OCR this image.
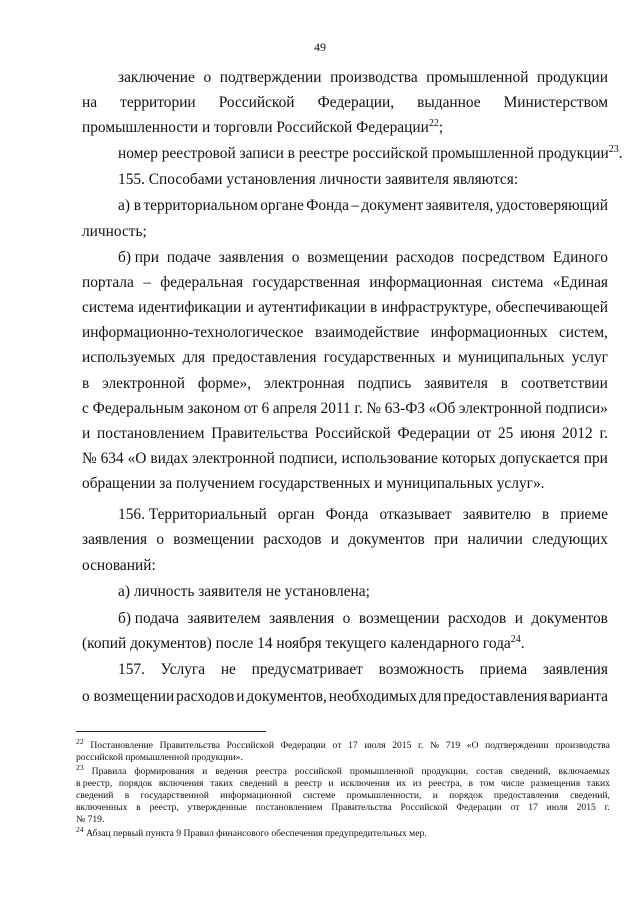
49
заключение о подтверждении производства промышленной продукции
на территории Российской Федерации, выданное Министерством
промышленности и торговли Российской Федерации$^{22}$;
номер реестровой записи в реестре российской промышленной продукции$^{23}$.
155. Способами установления личности заявителя являются:
а) в территориальном органе Фонда – документ заявителя, удостоверяющий
личность;
б) при подаче заявления о возмещении расходов посредством Единого
портала – федеральная государственная информационная система «Единая
система идентификации и аутентификации в инфраструктуре, обеспечивающей
информационно-технологическое взаимодействие информационных систем,
используемых для предоставления государственных и муниципальных услуг
в электронной форме», электронная подпись заявителя в соответствии
с Федеральным законом от 6 апреля 2011 г. № 63-ФЗ «Об электронной подписи»
и постановлением Правительства Российской Федерации от 25 июня 2012 г.
№ 634 «О видах электронной подписи, использование которых допускается при
обращении за получением государственных и муниципальных услуг».
156. Территориальный орган Фонда отказывает заявителю в приеме
заявления о возмещении расходов и документов при наличии следующих
оснований:
а) личность заявителя не установлена;
б) подача заявителем заявления о возмещении расходов и документов
(копий документов) после 14 ноября текущего календарного года$^{24}$.
157. Услуга не предусматривает возможность приема заявления
о возмещении расходов и документов, необходимых для предоставления варианта
$^{22}$ Постановление Правительства Российской Федерации от 17 июля 2015 г. № 719 «О подтверждении производства
российской промышленной продукции».
$^{23}$ Правила формирования и ведения реестра российской промышленной продукции, состав сведений, включаемых
в реестр, порядок включения таких сведений в реестр и исключения их из реестра, в том числе размещения таких
сведений в государственной информационной системе промышленности, и порядок предоставления сведений,
включенных в реестр, утвержденные постановлением Правительства Российской Федерации от 17 июля 2015 г.
№ 719.
$^{24}$ Абзац первый пункта 9 Правил финансового обеспечения предупредительных мер.
